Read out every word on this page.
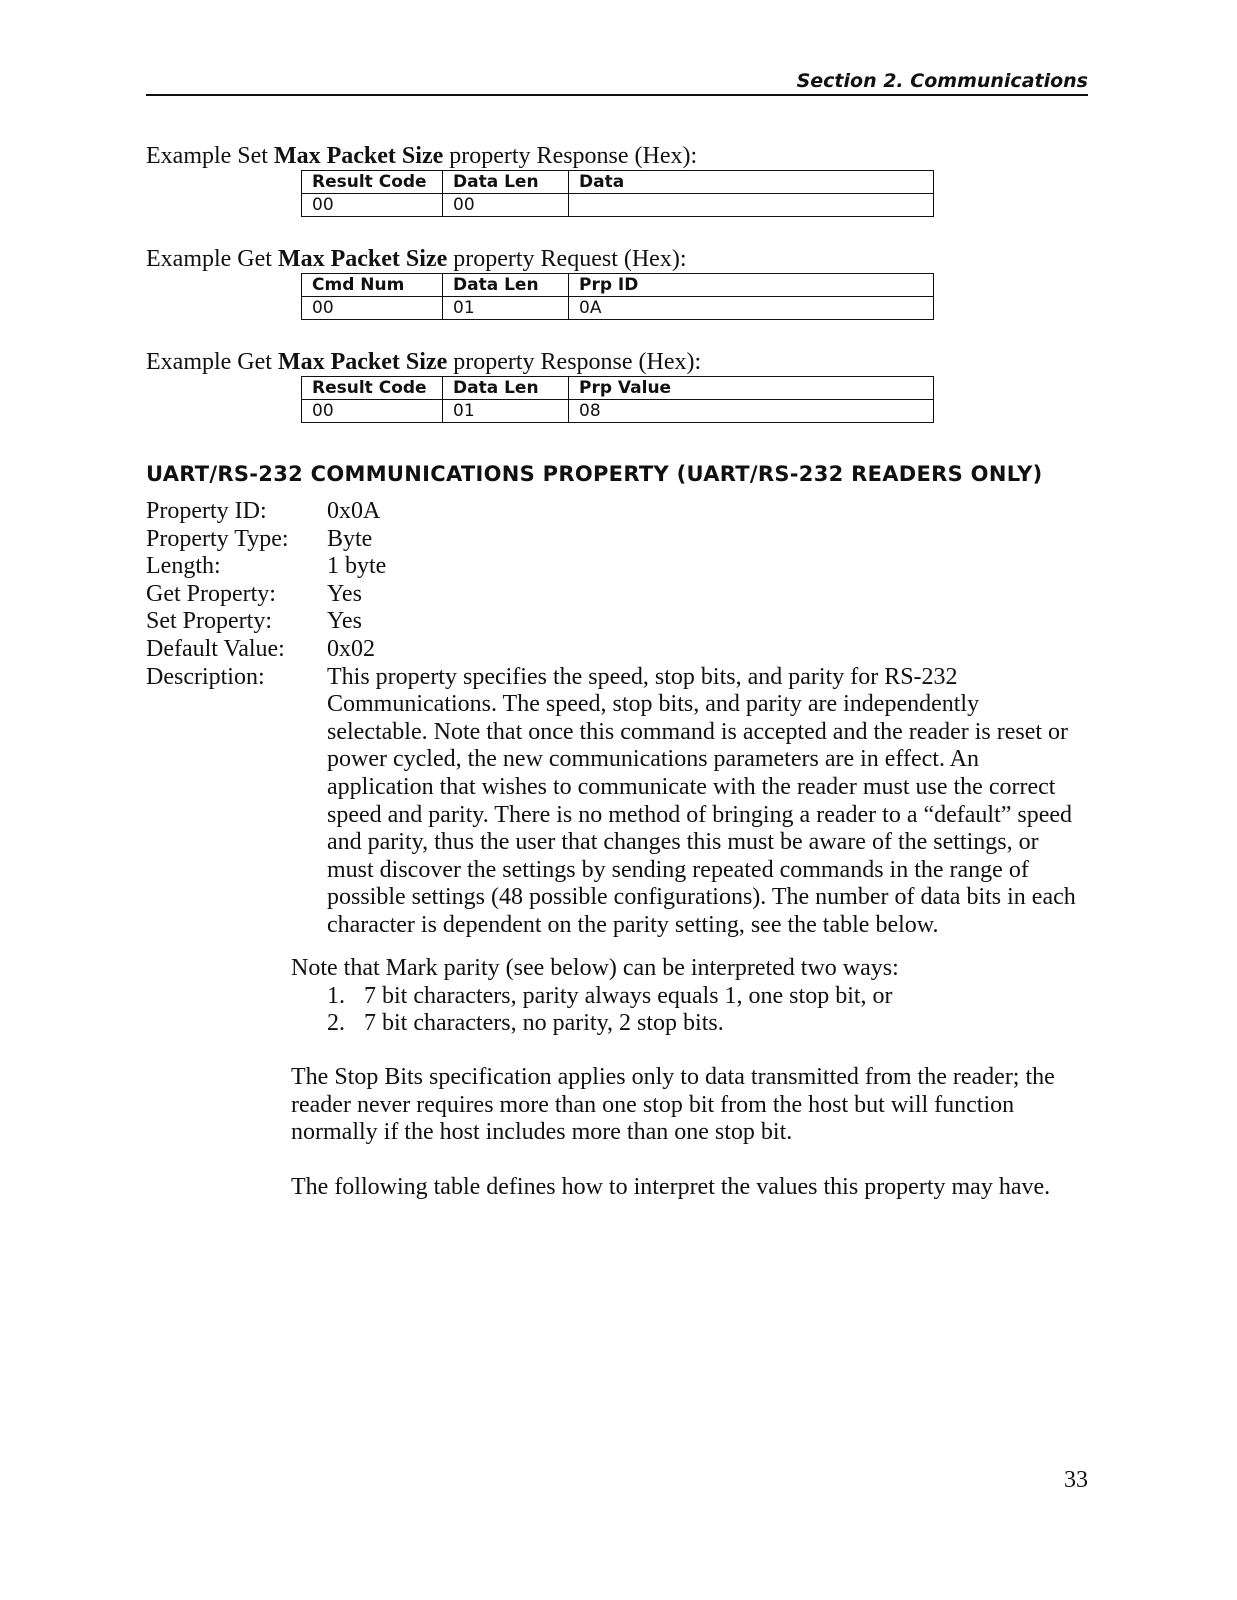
Section 2. Communications
Example Set Max Packet Size property Response (Hex):
Result Code	Data Len	Data
00	00	
Example Get Max Packet Size property Request (Hex):
Cmd Num	Data Len	Prp ID
00	01	0A
Example Get Max Packet Size property Response (Hex):
Result Code	Data Len	Prp Value
00	01	08
UART/RS-232 COMMUNICATIONS PROPERTY (UART/RS-232 READERS ONLY)
Property ID:	0x0A
Property Type:	Byte
Length:	1 byte
Get Property:	Yes
Set Property:	Yes
Default Value:	0x02
Description:	This property specifies the speed, stop bits, and parity for RS-232

Communications. The speed, stop bits, and parity are independently

selectable. Note that once this command is accepted and the reader is reset or

power cycled, the new communications parameters are in effect. An

application that wishes to communicate with the reader must use the correct

speed and parity. There is no method of bringing a reader to a “default” speed

and parity, thus the user that changes this must be aware of the settings, or

must discover the settings by sending repeated commands in the range of

possible settings (48 possible configurations). The number of data bits in each

character is dependent on the parity setting, see the table below.

Note that Mark parity (see below) can be interpreted two ways:

1. 7 bit characters, parity always equals 1, one stop bit, or
2. 7 bit characters, no parity, 2 stop bits.

The Stop Bits specification applies only to data transmitted from the reader; the

reader never requires more than one stop bit from the host but will function

normally if the host includes more than one stop bit.

The following table defines how to interpret the values this property may have.

33
